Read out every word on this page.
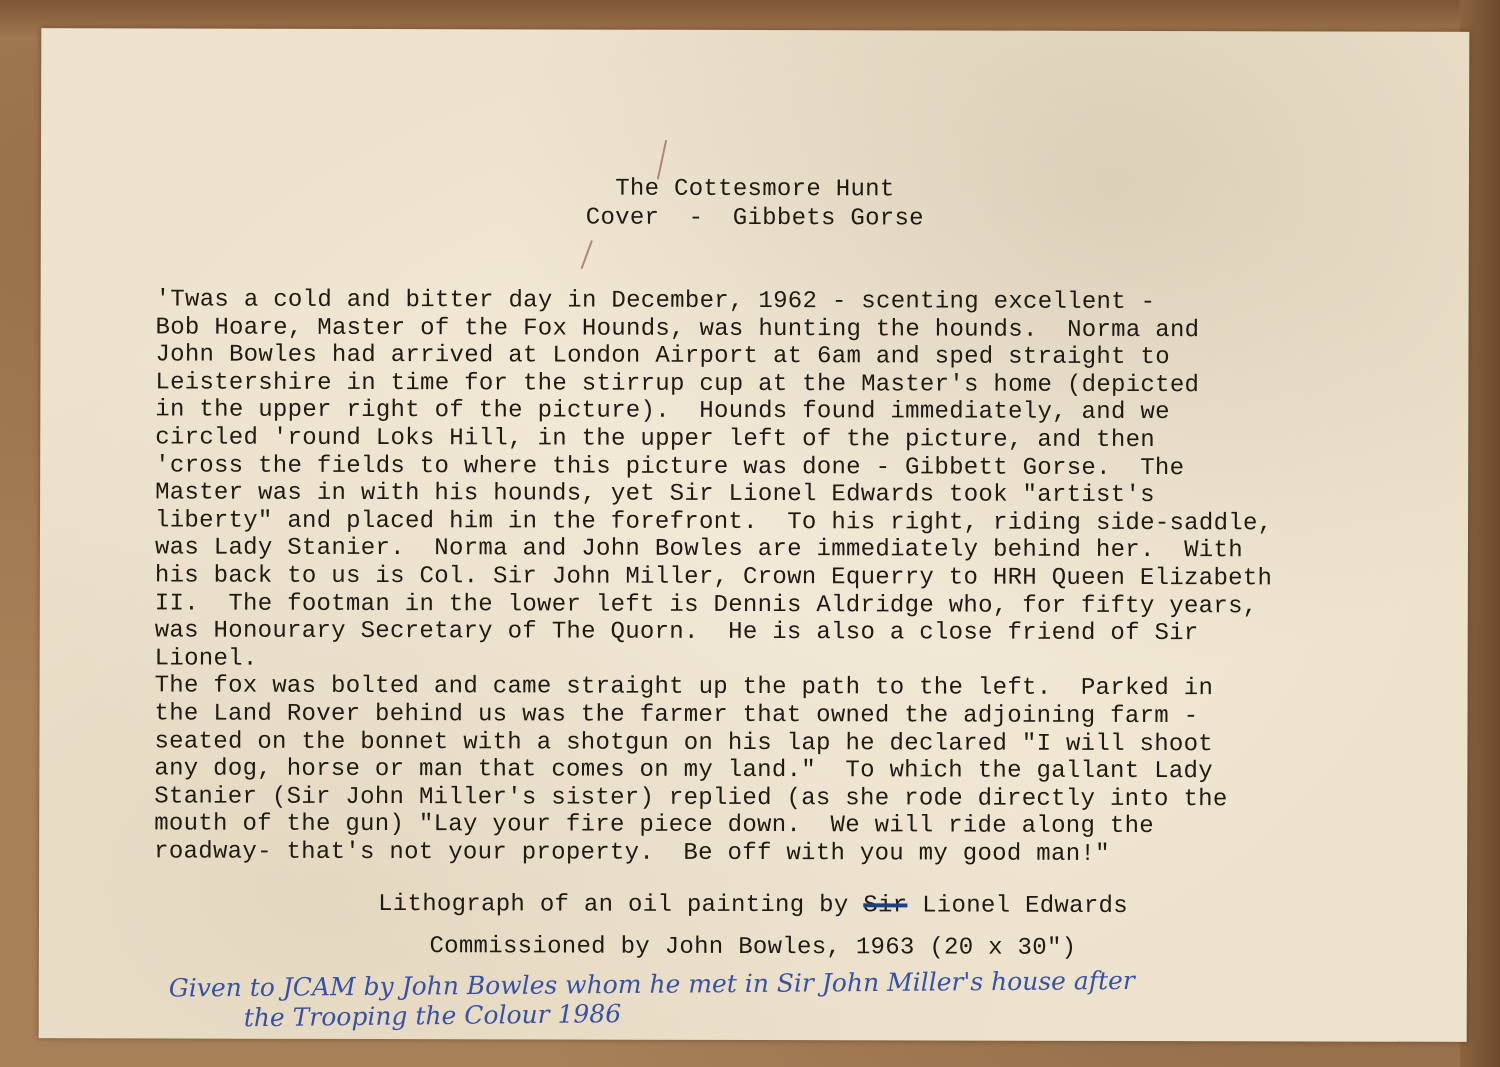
The Cottesmore Hunt
Cover  -  Gibbets Gorse
'Twas a cold and bitter day in December, 1962 - scenting excellent -
Bob Hoare, Master of the Fox Hounds, was hunting the hounds.  Norma and
John Bowles had arrived at London Airport at 6am and sped straight to
Leistershire in time for the stirrup cup at the Master's home (depicted
in the upper right of the picture).  Hounds found immediately, and we
circled 'round Loks Hill, in the upper left of the picture, and then
'cross the fields to where this picture was done - Gibbett Gorse.  The
Master was in with his hounds, yet Sir Lionel Edwards took "artist's
liberty" and placed him in the forefront.  To his right, riding side-saddle,
was Lady Stanier.  Norma and John Bowles are immediately behind her.  With
his back to us is Col. Sir John Miller, Crown Equerry to HRH Queen Elizabeth
II.  The footman in the lower left is Dennis Aldridge who, for fifty years,
was Honourary Secretary of The Quorn.  He is also a close friend of Sir
Lionel.
The fox was bolted and came straight up the path to the left.  Parked in
the Land Rover behind us was the farmer that owned the adjoining farm -
seated on the bonnet with a shotgun on his lap he declared "I will shoot
any dog, horse or man that comes on my land."  To which the gallant Lady
Stanier (Sir John Miller's sister) replied (as she rode directly into the
mouth of the gun) "Lay your fire piece down.  We will ride along the
roadway- that's not your property.  Be off with you my good man!"
Lithograph of an oil painting by Sir Lionel Edwards
Commissioned by John Bowles, 1963 (20 x 30")
Given to JCAM by John Bowles whom he met in Sir John Miller's house after
the Trooping the Colour 1986
